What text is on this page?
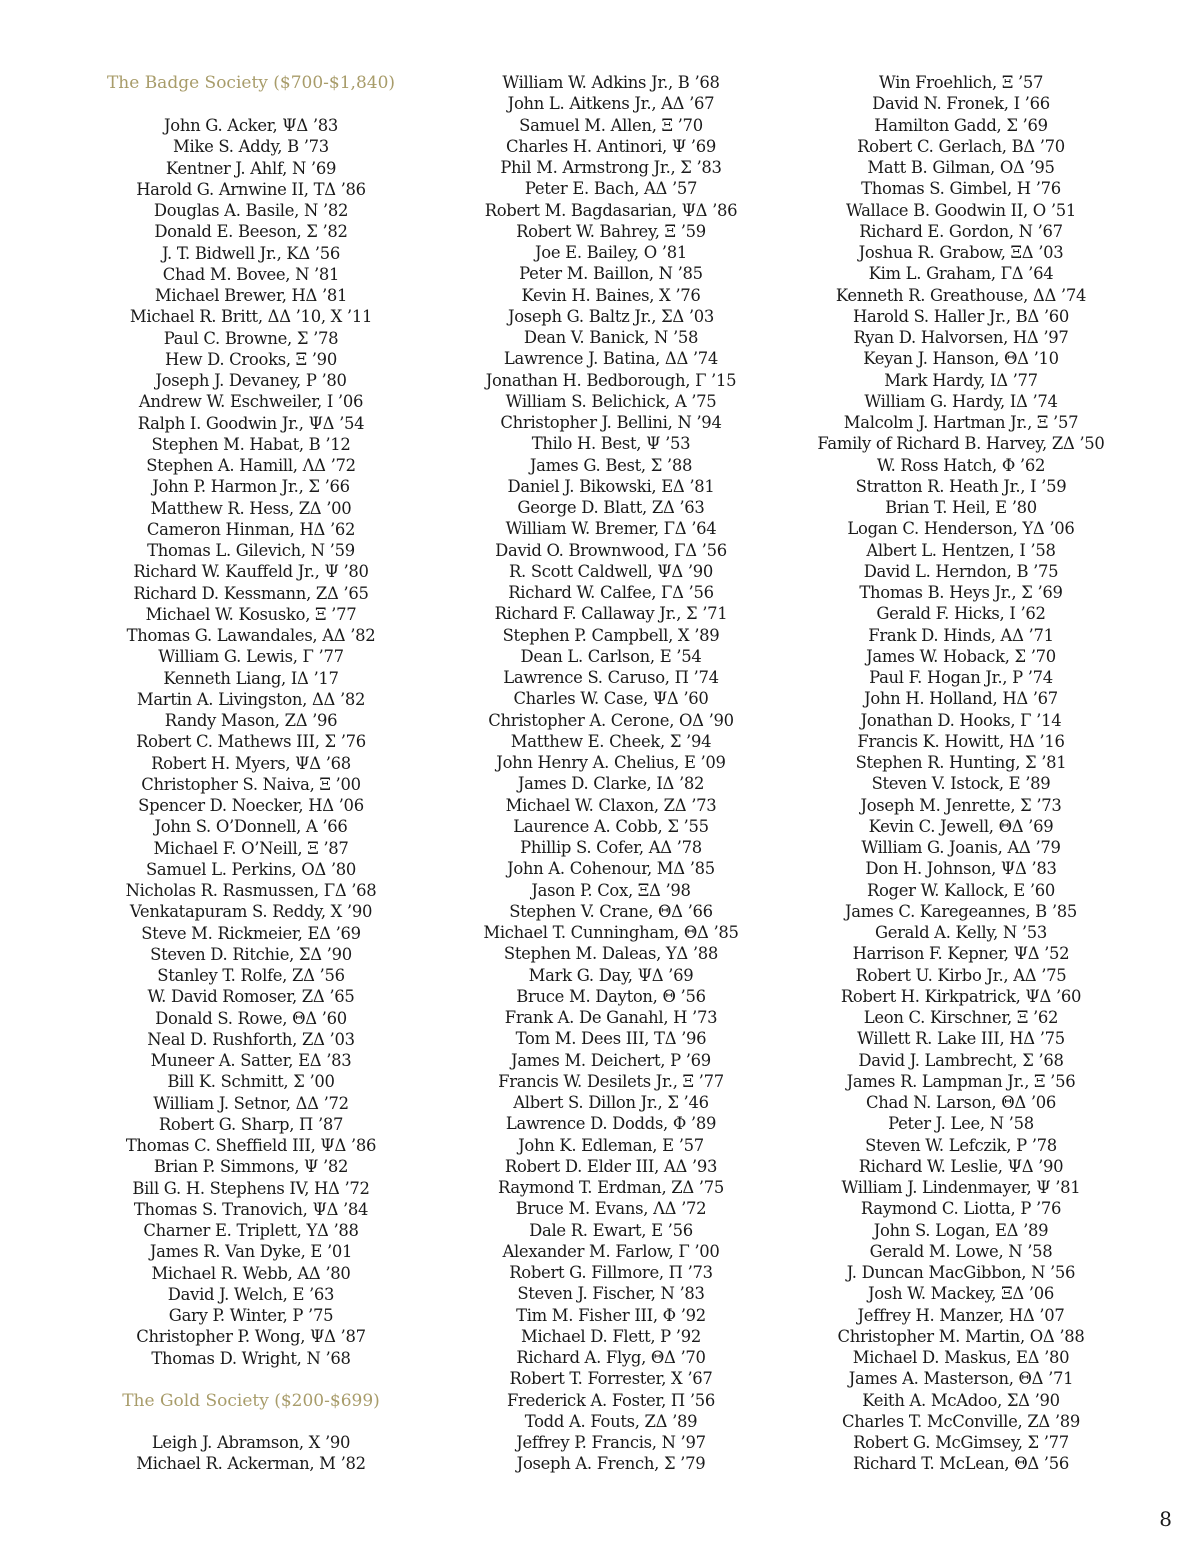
The Badge Society ($700-$1,840)
John G. Acker, ΨΔ ’83
Mike S. Addy, B ’73
Kentner J. Ahlf, N ’69
Harold G. Arnwine II, TΔ ’86
Douglas A. Basile, N ’82
Donald E. Beeson, Σ ’82
J. T. Bidwell Jr., KΔ ’56
Chad M. Bovee, N ’81
Michael Brewer, HΔ ’81
Michael R. Britt, ΔΔ ’10, X ’11
Paul C. Browne, Σ ’78
Hew D. Crooks, Ξ ’90
Joseph J. Devaney, P ’80
Andrew W. Eschweiler, I ’06
Ralph I. Goodwin Jr., ΨΔ ’54
Stephen M. Habat, B ’12
Stephen A. Hamill, ΛΔ ’72
John P. Harmon Jr., Σ ’66
Matthew R. Hess, ZΔ ’00
Cameron Hinman, HΔ ’62
Thomas L. Gilevich, N ’59
Richard W. Kauffeld Jr., Ψ ’80
Richard D. Kessmann, ZΔ ’65
Michael W. Kosusko, Ξ ’77
Thomas G. Lawandales, AΔ ’82
William G. Lewis, Γ ’77
Kenneth Liang, IΔ ’17
Martin A. Livingston, ΔΔ ’82
Randy Mason, ZΔ ’96
Robert C. Mathews III, Σ ’76
Robert H. Myers, ΨΔ ’68
Christopher S. Naiva, Ξ ’00
Spencer D. Noecker, HΔ ’06
John S. O’Donnell, A ’66
Michael F. O’Neill, Ξ ’87
Samuel L. Perkins, OΔ ’80
Nicholas R. Rasmussen, ΓΔ ’68
Venkatapuram S. Reddy, X ’90
Steve M. Rickmeier, EΔ ’69
Steven D. Ritchie, ΣΔ ’90
Stanley T. Rolfe, ZΔ ’56
W. David Romoser, ZΔ ’65
Donald S. Rowe, ΘΔ ’60
Neal D. Rushforth, ZΔ ’03
Muneer A. Satter, EΔ ’83
Bill K. Schmitt, Σ ’00
William J. Setnor, ΔΔ ’72
Robert G. Sharp, Π ’87
Thomas C. Sheffield III, ΨΔ ’86
Brian P. Simmons, Ψ ’82
Bill G. H. Stephens IV, HΔ ’72
Thomas S. Tranovich, ΨΔ ’84
Charner E. Triplett, YΔ ’88
James R. Van Dyke, E ’01
Michael R. Webb, AΔ ’80
David J. Welch, E ’63
Gary P. Winter, P ’75
Christopher P. Wong, ΨΔ ’87
Thomas D. Wright, N ’68
The Gold Society ($200-$699)
Leigh J. Abramson, X ’90
Michael R. Ackerman, M ’82
William W. Adkins Jr., B ’68
John L. Aitkens Jr., AΔ ’67
Samuel M. Allen, Ξ ’70
Charles H. Antinori, Ψ ’69
Phil M. Armstrong Jr., Σ ’83
Peter E. Bach, AΔ ’57
Robert M. Bagdasarian, ΨΔ ’86
Robert W. Bahrey, Ξ ’59
Joe E. Bailey, O ’81
Peter M. Baillon, N ’85
Kevin H. Baines, X ’76
Joseph G. Baltz Jr., ΣΔ ’03
Dean V. Banick, N ’58
Lawrence J. Batina, ΔΔ ’74
Jonathan H. Bedborough, Γ ’15
William S. Belichick, A ’75
Christopher J. Bellini, N ’94
Thilo H. Best, Ψ ’53
James G. Best, Σ ’88
Daniel J. Bikowski, EΔ ’81
George D. Blatt, ZΔ ’63
William W. Bremer, ΓΔ ’64
David O. Brownwood, ΓΔ ’56
R. Scott Caldwell, ΨΔ ’90
Richard W. Calfee, ΓΔ ’56
Richard F. Callaway Jr., Σ ’71
Stephen P. Campbell, X ’89
Dean L. Carlson, E ’54
Lawrence S. Caruso, Π ’74
Charles W. Case, ΨΔ ’60
Christopher A. Cerone, OΔ ’90
Matthew E. Cheek, Σ ’94
John Henry A. Chelius, E ’09
James D. Clarke, IΔ ’82
Michael W. Claxon, ZΔ ’73
Laurence A. Cobb, Σ ’55
Phillip S. Cofer, AΔ ’78
John A. Cohenour, MΔ ’85
Jason P. Cox, ΞΔ ’98
Stephen V. Crane, ΘΔ ’66
Michael T. Cunningham, ΘΔ ’85
Stephen M. Daleas, YΔ ’88
Mark G. Day, ΨΔ ’69
Bruce M. Dayton, Θ ’56
Frank A. De Ganahl, H ’73
Tom M. Dees III, TΔ ’96
James M. Deichert, P ’69
Francis W. Desilets Jr., Ξ ’77
Albert S. Dillon Jr., Σ ’46
Lawrence D. Dodds, Φ ’89
John K. Edleman, E ’57
Robert D. Elder III, AΔ ’93
Raymond T. Erdman, ZΔ ’75
Bruce M. Evans, ΛΔ ’72
Dale R. Ewart, E ’56
Alexander M. Farlow, Γ ’00
Robert G. Fillmore, Π ’73
Steven J. Fischer, N ’83
Tim M. Fisher III, Φ ’92
Michael D. Flett, P ’92
Richard A. Flyg, ΘΔ ’70
Robert T. Forrester, X ’67
Frederick A. Foster, Π ’56
Todd A. Fouts, ZΔ ’89
Jeffrey P. Francis, N ’97
Joseph A. French, Σ ’79
Win Froehlich, Ξ ’57
David N. Fronek, I ’66
Hamilton Gadd, Σ ’69
Robert C. Gerlach, BΔ ’70
Matt B. Gilman, OΔ ’95
Thomas S. Gimbel, H ’76
Wallace B. Goodwin II, O ’51
Richard E. Gordon, N ’67
Joshua R. Grabow, ΞΔ ’03
Kim L. Graham, ΓΔ ’64
Kenneth R. Greathouse, ΔΔ ’74
Harold S. Haller Jr., BΔ ’60
Ryan D. Halvorsen, HΔ ’97
Keyan J. Hanson, ΘΔ ’10
Mark Hardy, IΔ ’77
William G. Hardy, IΔ ’74
Malcolm J. Hartman Jr., Ξ ’57
Family of Richard B. Harvey, ZΔ ’50
W. Ross Hatch, Φ ’62
Stratton R. Heath Jr., I ’59
Brian T. Heil, E ’80
Logan C. Henderson, YΔ ’06
Albert L. Hentzen, I ’58
David L. Herndon, B ’75
Thomas B. Heys Jr., Σ ’69
Gerald F. Hicks, I ’62
Frank D. Hinds, AΔ ’71
James W. Hoback, Σ ’70
Paul F. Hogan Jr., P ’74
John H. Holland, HΔ ’67
Jonathan D. Hooks, Γ ’14
Francis K. Howitt, HΔ ’16
Stephen R. Hunting, Σ ’81
Steven V. Istock, E ’89
Joseph M. Jenrette, Σ ’73
Kevin C. Jewell, ΘΔ ’69
William G. Joanis, AΔ ’79
Don H. Johnson, ΨΔ ’83
Roger W. Kallock, E ’60
James C. Karegeannes, B ’85
Gerald A. Kelly, N ’53
Harrison F. Kepner, ΨΔ ’52
Robert U. Kirbo Jr., AΔ ’75
Robert H. Kirkpatrick, ΨΔ ’60
Leon C. Kirschner, Ξ ’62
Willett R. Lake III, HΔ ’75
David J. Lambrecht, Σ ’68
James R. Lampman Jr., Ξ ’56
Chad N. Larson, ΘΔ ’06
Peter J. Lee, N ’58
Steven W. Lefczik, P ’78
Richard W. Leslie, ΨΔ ’90
William J. Lindenmayer, Ψ ’81
Raymond C. Liotta, P ’76
John S. Logan, EΔ ’89
Gerald M. Lowe, N ’58
J. Duncan MacGibbon, N ’56
Josh W. Mackey, ΞΔ ’06
Jeffrey H. Manzer, HΔ ’07
Christopher M. Martin, OΔ ’88
Michael D. Maskus, EΔ ’80
James A. Masterson, ΘΔ ’71
Keith A. McAdoo, ΣΔ ’90
Charles T. McConville, ZΔ ’89
Robert G. McGimsey, Σ ’77
Richard T. McLean, ΘΔ ’56
8
